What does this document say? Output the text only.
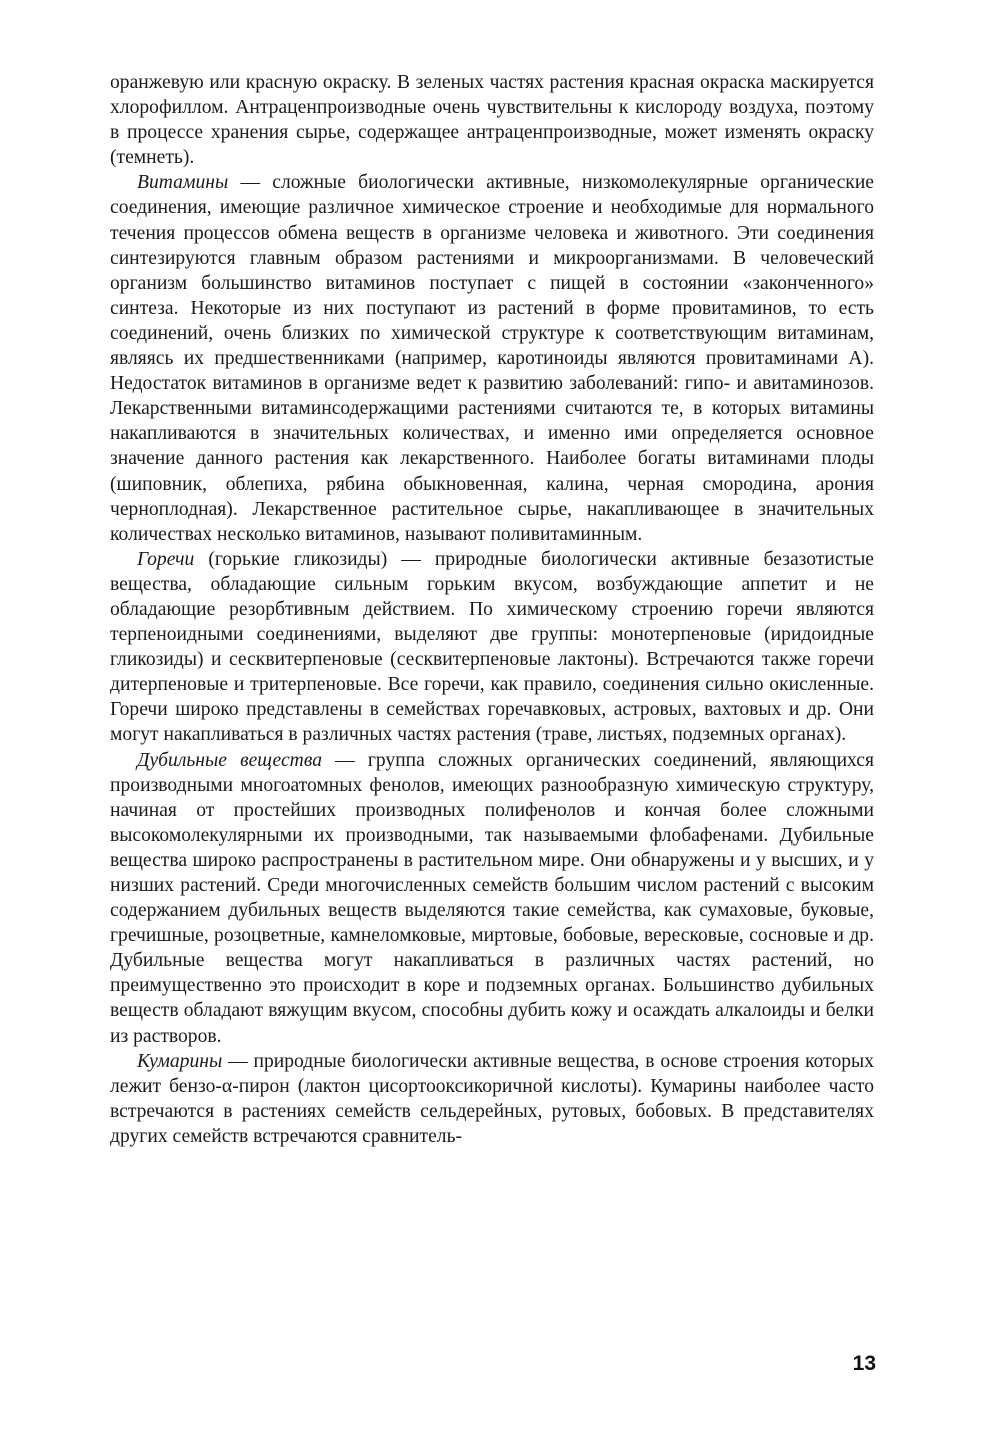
оранжевую или красную окраску. В зеленых частях растения красная окраска маскируется хлорофиллом. Антраценпроизводные очень чувствительны к кислороду воздуха, поэтому в процессе хранения сырье, содержащее антраценпроизводные, может изменять окраску (темнеть).

Витамины — сложные биологически активные, низкомолекулярные органические соединения, имеющие различное химическое строение и необходимые для нормального течения процессов обмена веществ в организме человека и животного. Эти соединения синтезируются главным образом растениями и микроорганизмами. В человеческий организм большинство витаминов поступает с пищей в состоянии «законченного» синтеза. Некоторые из них поступают из растений в форме провитаминов, то есть соединений, очень близких по химической структуре к соответствующим витаминам, являясь их предшественниками (например, каротиноиды являются провитаминами А). Недостаток витаминов в организме ведет к развитию заболеваний: гипо- и авитаминозов. Лекарственными витаминсодержащими растениями считаются те, в которых витамины накапливаются в значительных количествах, и именно ими определяется основное значение данного растения как лекарственного. Наиболее богаты витаминами плоды (шиповник, облепиха, рябина обыкновенная, калина, черная смородина, арония черноплодная). Лекарственное растительное сырье, накапливающее в значительных количествах несколько витаминов, называют поливитаминным.

Горечи (горькие гликозиды) — природные биологически активные безазотистые вещества, обладающие сильным горьким вкусом, возбуждающие аппетит и не обладающие резорбтивным действием. По химическому строению горечи являются терпеноидными соединениями, выделяют две группы: монотерпеновые (иридоидные гликозиды) и сесквитерпеновые (сесквитерпеновые лактоны). Встречаются также горечи дитерпеновые и тритерпеновые. Все горечи, как правило, соединения сильно окисленные. Горечи широко представлены в семействах горечавковых, астровых, вахтовых и др. Они могут накапливаться в различных частях растения (траве, листьях, подземных органах).

Дубильные вещества — группа сложных органических соединений, являющихся производными многоатомных фенолов, имеющих разнообразную химическую структуру, начиная от простейших производных полифенолов и кончая более сложными высокомолекулярными их производными, так называемыми флобафенами. Дубильные вещества широко распространены в растительном мире. Они обнаружены и у высших, и у низших растений. Среди многочисленных семейств большим числом растений с высоким содержанием дубильных веществ выделяются такие семейства, как сумаховые, буковые, гречишные, розоцветные, камнеломковые, миртовые, бобовые, вересковые, сосновые и др. Дубильные вещества могут накапливаться в различных частях растений, но преимущественно это происходит в коре и подземных органах. Большинство дубильных веществ обладают вяжущим вкусом, способны дубить кожу и осаждать алкалоиды и белки из растворов.

Кумарины — природные биологически активные вещества, в основе строения которых лежит бензо-α-пирон (лактон цисортооксикоричной кислоты). Кумарины наиболее часто встречаются в растениях семейств сельдерейных, рутовых, бобовых. В представителях других семейств встречаются сравнитель-

13
